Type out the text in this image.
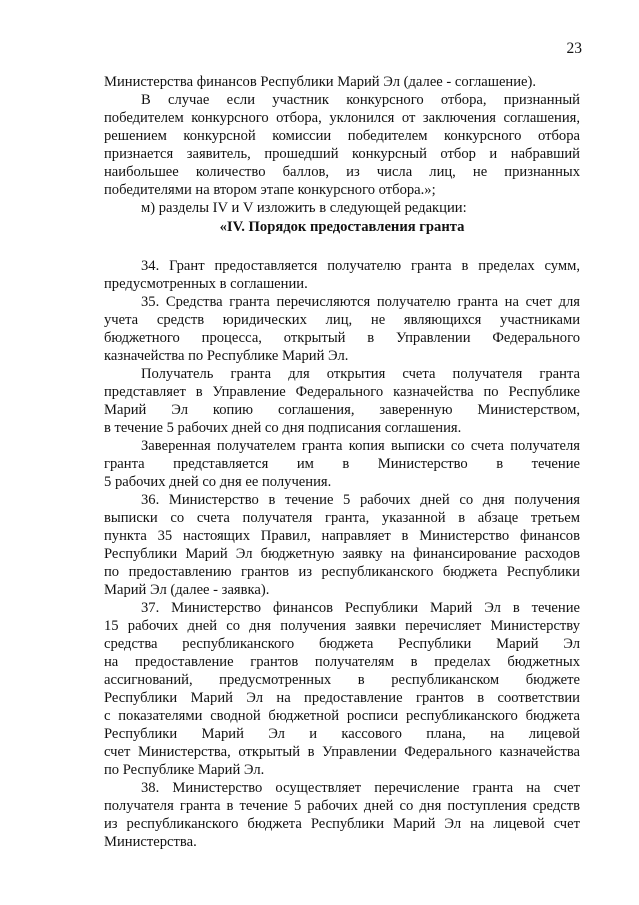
23
Министерства финансов Республики Марий Эл (далее - соглашение).
В случае если участник конкурсного отбора, признанный
победителем конкурсного отбора, уклонился от заключения соглашения,
решением конкурсной комиссии победителем конкурсного отбора
признается заявитель, прошедший конкурсный отбор и набравший
наибольшее количество баллов, из числа лиц, не признанных
победителями на втором этапе конкурсного отбора.»;
м) разделы IV и V изложить в следующей редакции:
«IV. Порядок предоставления гранта
34. Грант предоставляется получателю гранта в пределах сумм,
предусмотренных в соглашении.
35. Средства гранта перечисляются получателю гранта на счет для
учета средств юридических лиц, не являющихся участниками
бюджетного процесса, открытый в Управлении Федерального
казначейства по Республике Марий Эл.
Получатель гранта для открытия счета получателя гранта
представляет в Управление Федерального казначейства по Республике
Марий Эл копию соглашения, заверенную Министерством,
в течение 5 рабочих дней со дня подписания соглашения.
Заверенная получателем гранта копия выписки со счета получателя
гранта представляется им в Министерство в течение
5 рабочих дней со дня ее получения.
36. Министерство в течение 5 рабочих дней со дня получения
выписки со счета получателя гранта, указанной в абзаце третьем
пункта 35 настоящих Правил, направляет в Министерство финансов
Республики Марий Эл бюджетную заявку на финансирование расходов
по предоставлению грантов из республиканского бюджета Республики
Марий Эл (далее - заявка).
37. Министерство финансов Республики Марий Эл в течение
15 рабочих дней со дня получения заявки перечисляет Министерству
средства республиканского бюджета Республики Марий Эл
на предоставление грантов получателям в пределах бюджетных
ассигнований, предусмотренных в республиканском бюджете
Республики Марий Эл на предоставление грантов в соответствии
с показателями сводной бюджетной росписи республиканского бюджета
Республики Марий Эл и кассового плана, на лицевой
счет Министерства, открытый в Управлении Федерального казначейства
по Республике Марий Эл.
38. Министерство осуществляет перечисление гранта на счет
получателя гранта в течение 5 рабочих дней со дня поступления средств
из республиканского бюджета Республики Марий Эл на лицевой счет
Министерства.
